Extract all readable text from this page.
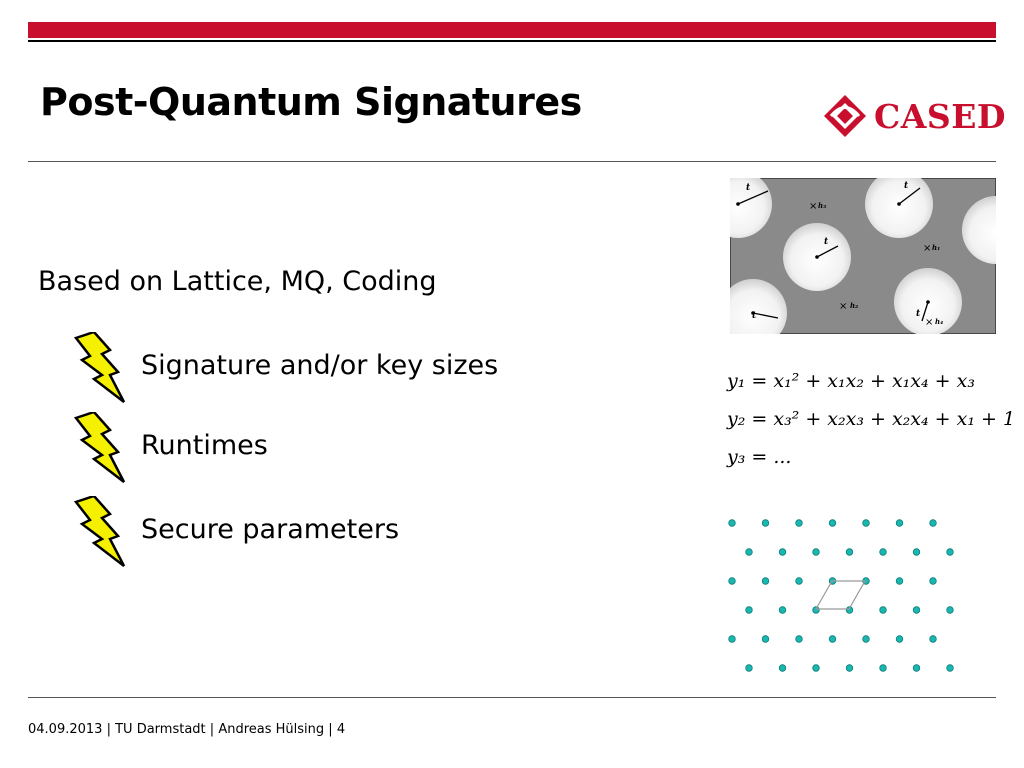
Post-Quantum Signatures	CASED
Based on Lattice, MQ, Coding
Signature and/or key sizes
Runtimes
Secure parameters
t	t
t
t	t
h₁
h₂
h₃
h₄
×
×
×
×
y₁ = x₁² + x₁x₂ + x₁x₄ + x₃
y₂ = x₃² + x₂x₃ + x₂x₄ + x₁ + 1
y₃ = ...
04.09.2013 | TU Darmstadt | Andreas Hülsing | 4
